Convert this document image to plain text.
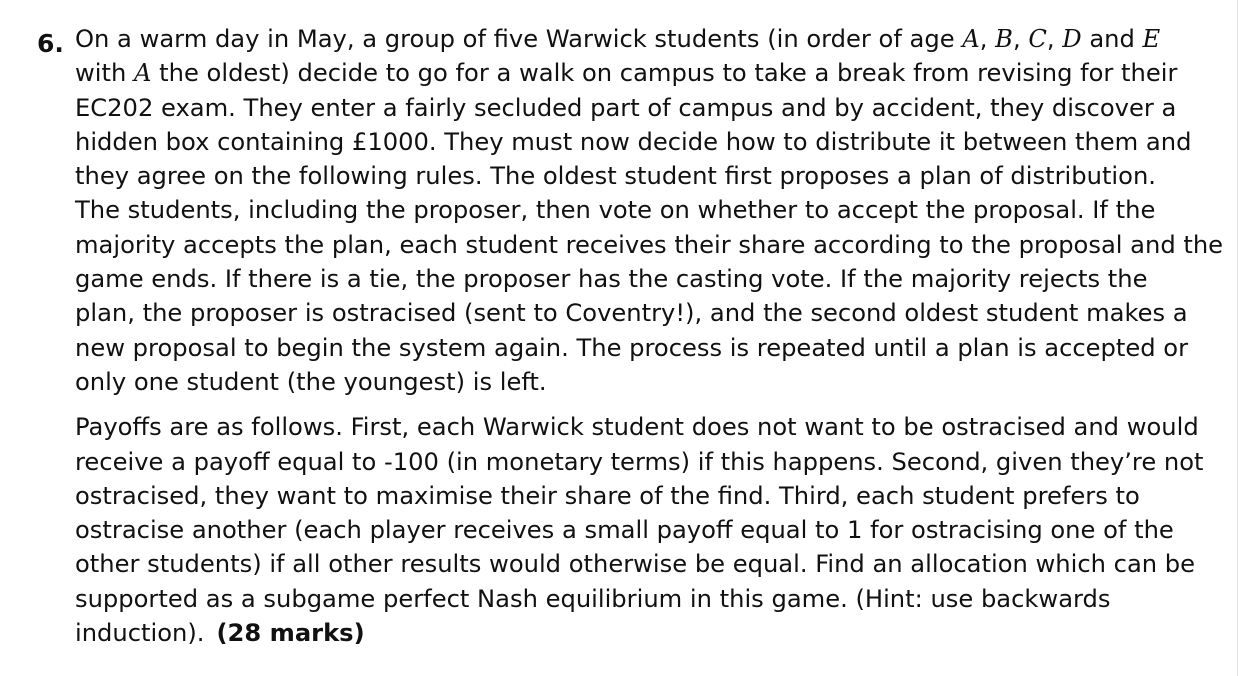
6. On a warm day in May, a group of five Warwick students (in order of age A, B, C, D and E
with A the oldest) decide to go for a walk on campus to take a break from revising for their
EC202 exam. They enter a fairly secluded part of campus and by accident, they discover a
hidden box containing £1000. They must now decide how to distribute it between them and
they agree on the following rules. The oldest student first proposes a plan of distribution.
The students, including the proposer, then vote on whether to accept the proposal. If the
majority accepts the plan, each student receives their share according to the proposal and the
game ends. If there is a tie, the proposer has the casting vote. If the majority rejects the
plan, the proposer is ostracised (sent to Coventry!), and the second oldest student makes a
new proposal to begin the system again. The process is repeated until a plan is accepted or
only one student (the youngest) is left.

Payoffs are as follows. First, each Warwick student does not want to be ostracised and would
receive a payoff equal to -100 (in monetary terms) if this happens. Second, given they’re not
ostracised, they want to maximise their share of the find. Third, each student prefers to
ostracise another (each player receives a small payoff equal to 1 for ostracising one of the
other students) if all other results would otherwise be equal. Find an allocation which can be
supported as a subgame perfect Nash equilibrium in this game. (Hint: use backwards
induction). (28 marks)
